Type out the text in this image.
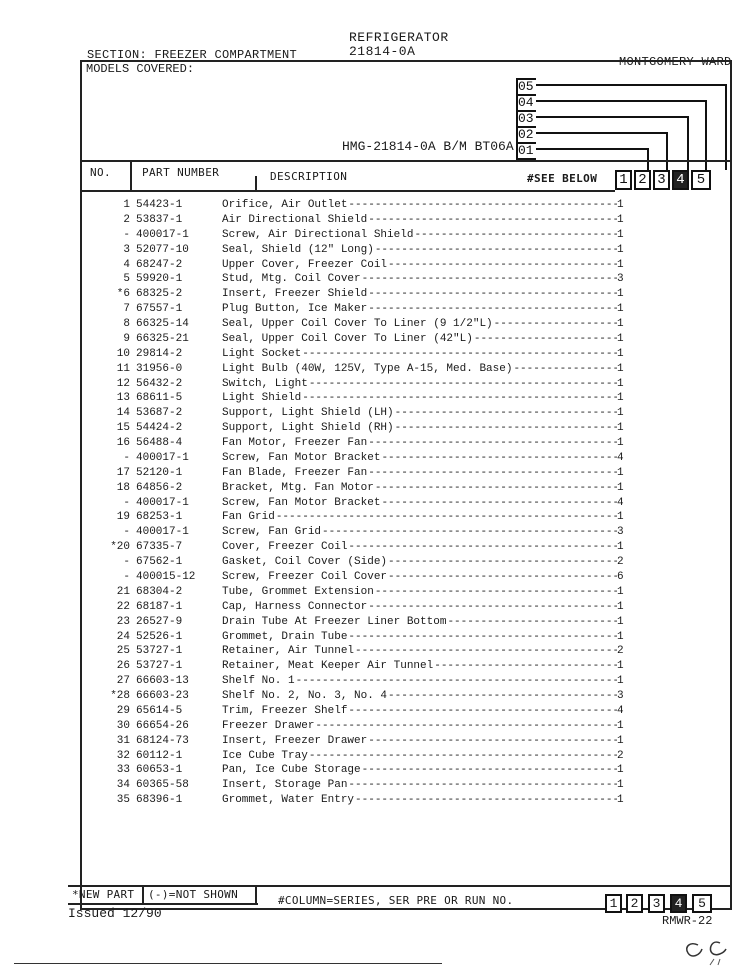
REFRIGERATOR
21814-0A
SECTION: FREEZER COMPARTMENT	MONTGOMERY WARD
MODELS COVERED:
HMG-21814-0A B/M BT06A
05
04
03
02
01
NO.	PART NUMBER	DESCRIPTION	#SEE BELOW	1 2 3 4 5
1 54423-1	Orifice, Air Outlet -----	1
2 53837-1	Air Directional Shield -----	1
- 400017-1	Screw, Air Directional Shield -----	1
3 52077-10	Seal, Shield (12" Long) -----	1
4 68247-2	Upper Cover, Freezer Coil -----	1
5 59920-1	Stud, Mtg. Coil Cover -----	3
*6 68325-2	Insert, Freezer Shield -----	1
7 67557-1	Plug Button, Ice Maker -----	1
8 66325-14	Seal, Upper Coil Cover To Liner (9 1/2"L) -----	1
9 66325-21	Seal, Upper Coil Cover To Liner (42"L) -----	1
10 29814-2	Light Socket -----	1
11 31956-0	Light Bulb (40W, 125V, Type A-15, Med. Base) -----	1
12 56432-2	Switch, Light -----	1
13 68611-5	Light Shield -----	1
14 53687-2	Support, Light Shield (LH) -----	1
15 54424-2	Support, Light Shield (RH) -----	1
16 56488-4	Fan Motor, Freezer Fan -----	1
- 400017-1	Screw, Fan Motor Bracket -----	4
17 52120-1	Fan Blade, Freezer Fan -----	1
18 64856-2	Bracket, Mtg. Fan Motor -----	1
- 400017-1	Screw, Fan Motor Bracket -----	4
19 68253-1	Fan Grid -----	1
- 400017-1	Screw, Fan Grid -----	3
*20 67335-7	Cover, Freezer Coil -----	1
- 67562-1	Gasket, Coil Cover (Side) -----	2
- 400015-12	Screw, Freezer Coil Cover -----	6
21 68304-2	Tube, Grommet Extension -----	1
22 68187-1	Cap, Harness Connector -----	1
23 26527-9	Drain Tube At Freezer Liner Bottom -----	1
24 52526-1	Grommet, Drain Tube -----	1
25 53727-1	Retainer, Air Tunnel -----	2
26 53727-1	Retainer, Meat Keeper Air Tunnel -----	1
27 66603-13	Shelf No. 1 -----	1
*28 66603-23	Shelf No. 2, No. 3, No. 4 -----	3
29 65614-5	Trim, Freezer Shelf -----	4
30 66654-26	Freezer Drawer -----	1
31 68124-73	Insert, Freezer Drawer -----	1
32 60112-1	Ice Cube Tray -----	2
33 60653-1	Pan, Ice Cube Storage -----	1
34 60365-58	Insert, Storage Pan -----	1
35 68396-1	Grommet, Water Entry -----	1
*NEW PART (-)=NOT SHOWN	#COLUMN=SERIES, SER PRE OR RUN NO.	1	2	3	4	5
Issued 12/90	RMWR-22
